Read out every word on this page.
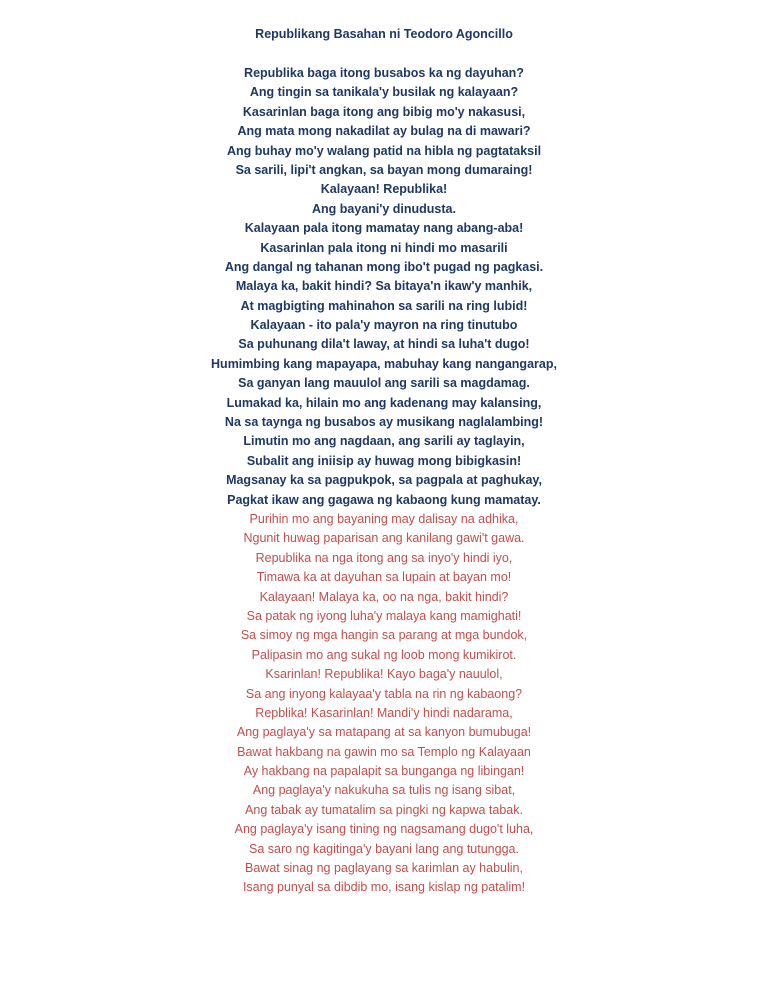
Republikang Basahan ni Teodoro Agoncillo
Republika baga itong busabos ka ng dayuhan?
Ang tingin sa tanikala'y busilak ng kalayaan?
Kasarinlan baga itong ang bibig mo'y nakasusi,
Ang mata mong nakadilat ay bulag na di mawari?
Ang buhay mo'y walang patid na hibla ng pagtataksil
Sa sarili, lipi't angkan, sa bayan mong dumaraing!
Kalayaan! Republika!
Ang bayani'y dinudusta.
Kalayaan pala itong mamatay nang abang-aba!
Kasarinlan pala itong ni hindi mo masarili
Ang dangal ng tahanan mong ibo't pugad ng pagkasi.
Malaya ka, bakit hindi? Sa bitaya'n ikaw'y manhik,
At magbigting mahinahon sa sarili na ring lubid!
Kalayaan - ito pala'y mayron na ring tinutubo
Sa puhunang dila't laway, at hindi sa luha't dugo!
Humimbing kang mapayapa, mabuhay kang nangangarap,
Sa ganyan lang mauulol ang sarili sa magdamag.
Lumakad ka, hilain mo ang kadenang may kalansing,
Na sa taynga ng busabos ay musikang naglalambing!
Limutin mo ang nagdaan, ang sarili ay taglayin,
Subalit ang iniisip ay huwag mong bibigkasin!
Magsanay ka sa pagpukpok, sa pagpala at paghukay,
Pagkat ikaw ang gagawa ng kabaong kung mamatay.
Purihin mo ang bayaning may dalisay na adhika,
Ngunit huwag paparisan ang kanilang gawi't gawa.
Republika na nga itong ang sa inyo'y hindi iyo,
Timawa ka at dayuhan sa lupain at bayan mo!
Kalayaan! Malaya ka, oo na nga, bakit hindi?
Sa patak ng iyong luha'y malaya kang mamighati!
Sa simoy ng mga hangin sa parang at mga bundok,
Palipasin mo ang sukal ng loob mong kumikirot.
Ksarinlan! Republika! Kayo baga'y nauulol,
Sa ang inyong kalayaa'y tabla na rin ng kabaong?
Repblika! Kasarinlan! Mandi'y hindi nadarama,
Ang paglaya'y sa matapang at sa kanyon bumubuga!
Bawat hakbang na gawin mo sa Templo ng Kalayaan
Ay hakbang na papalapit sa bunganga ng libingan!
Ang paglaya'y nakukuha sa tulis ng isang sibat,
Ang tabak ay tumatalim sa pingki ng kapwa tabak.
Ang paglaya'y isang tining ng nagsamang dugo't luha,
Sa saro ng kagitinga'y bayani lang ang tutungga.
Bawat sinag ng paglayang sa karimlan ay habulin,
Isang punyal sa dibdib mo, isang kislap ng patalim!
